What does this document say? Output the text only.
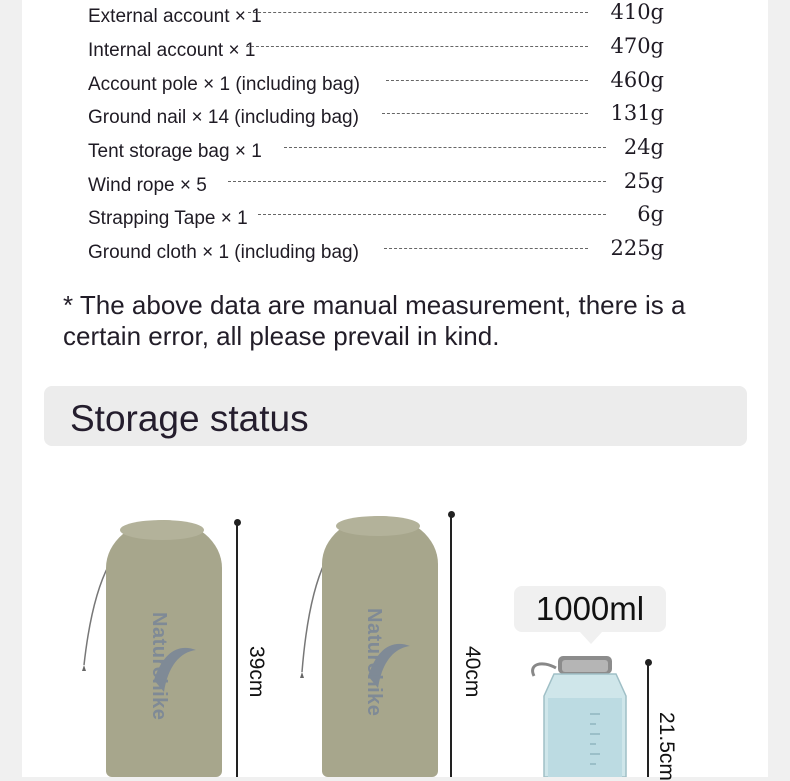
External account × 1	410g
Internal account × 1	470g
Account pole × 1 (including bag)	460g
Ground nail × 14 (including bag)	131g
Tent storage bag × 1	24g
Wind rope × 5	25g
Strapping Tape × 1	6g
Ground cloth × 1 (including bag)	225g
* The above data are manual measurement, there is a certain error, all please prevail in kind.
Storage status
Naturehike	39cm	Naturehike	40cm
1000ml
21.5cm
